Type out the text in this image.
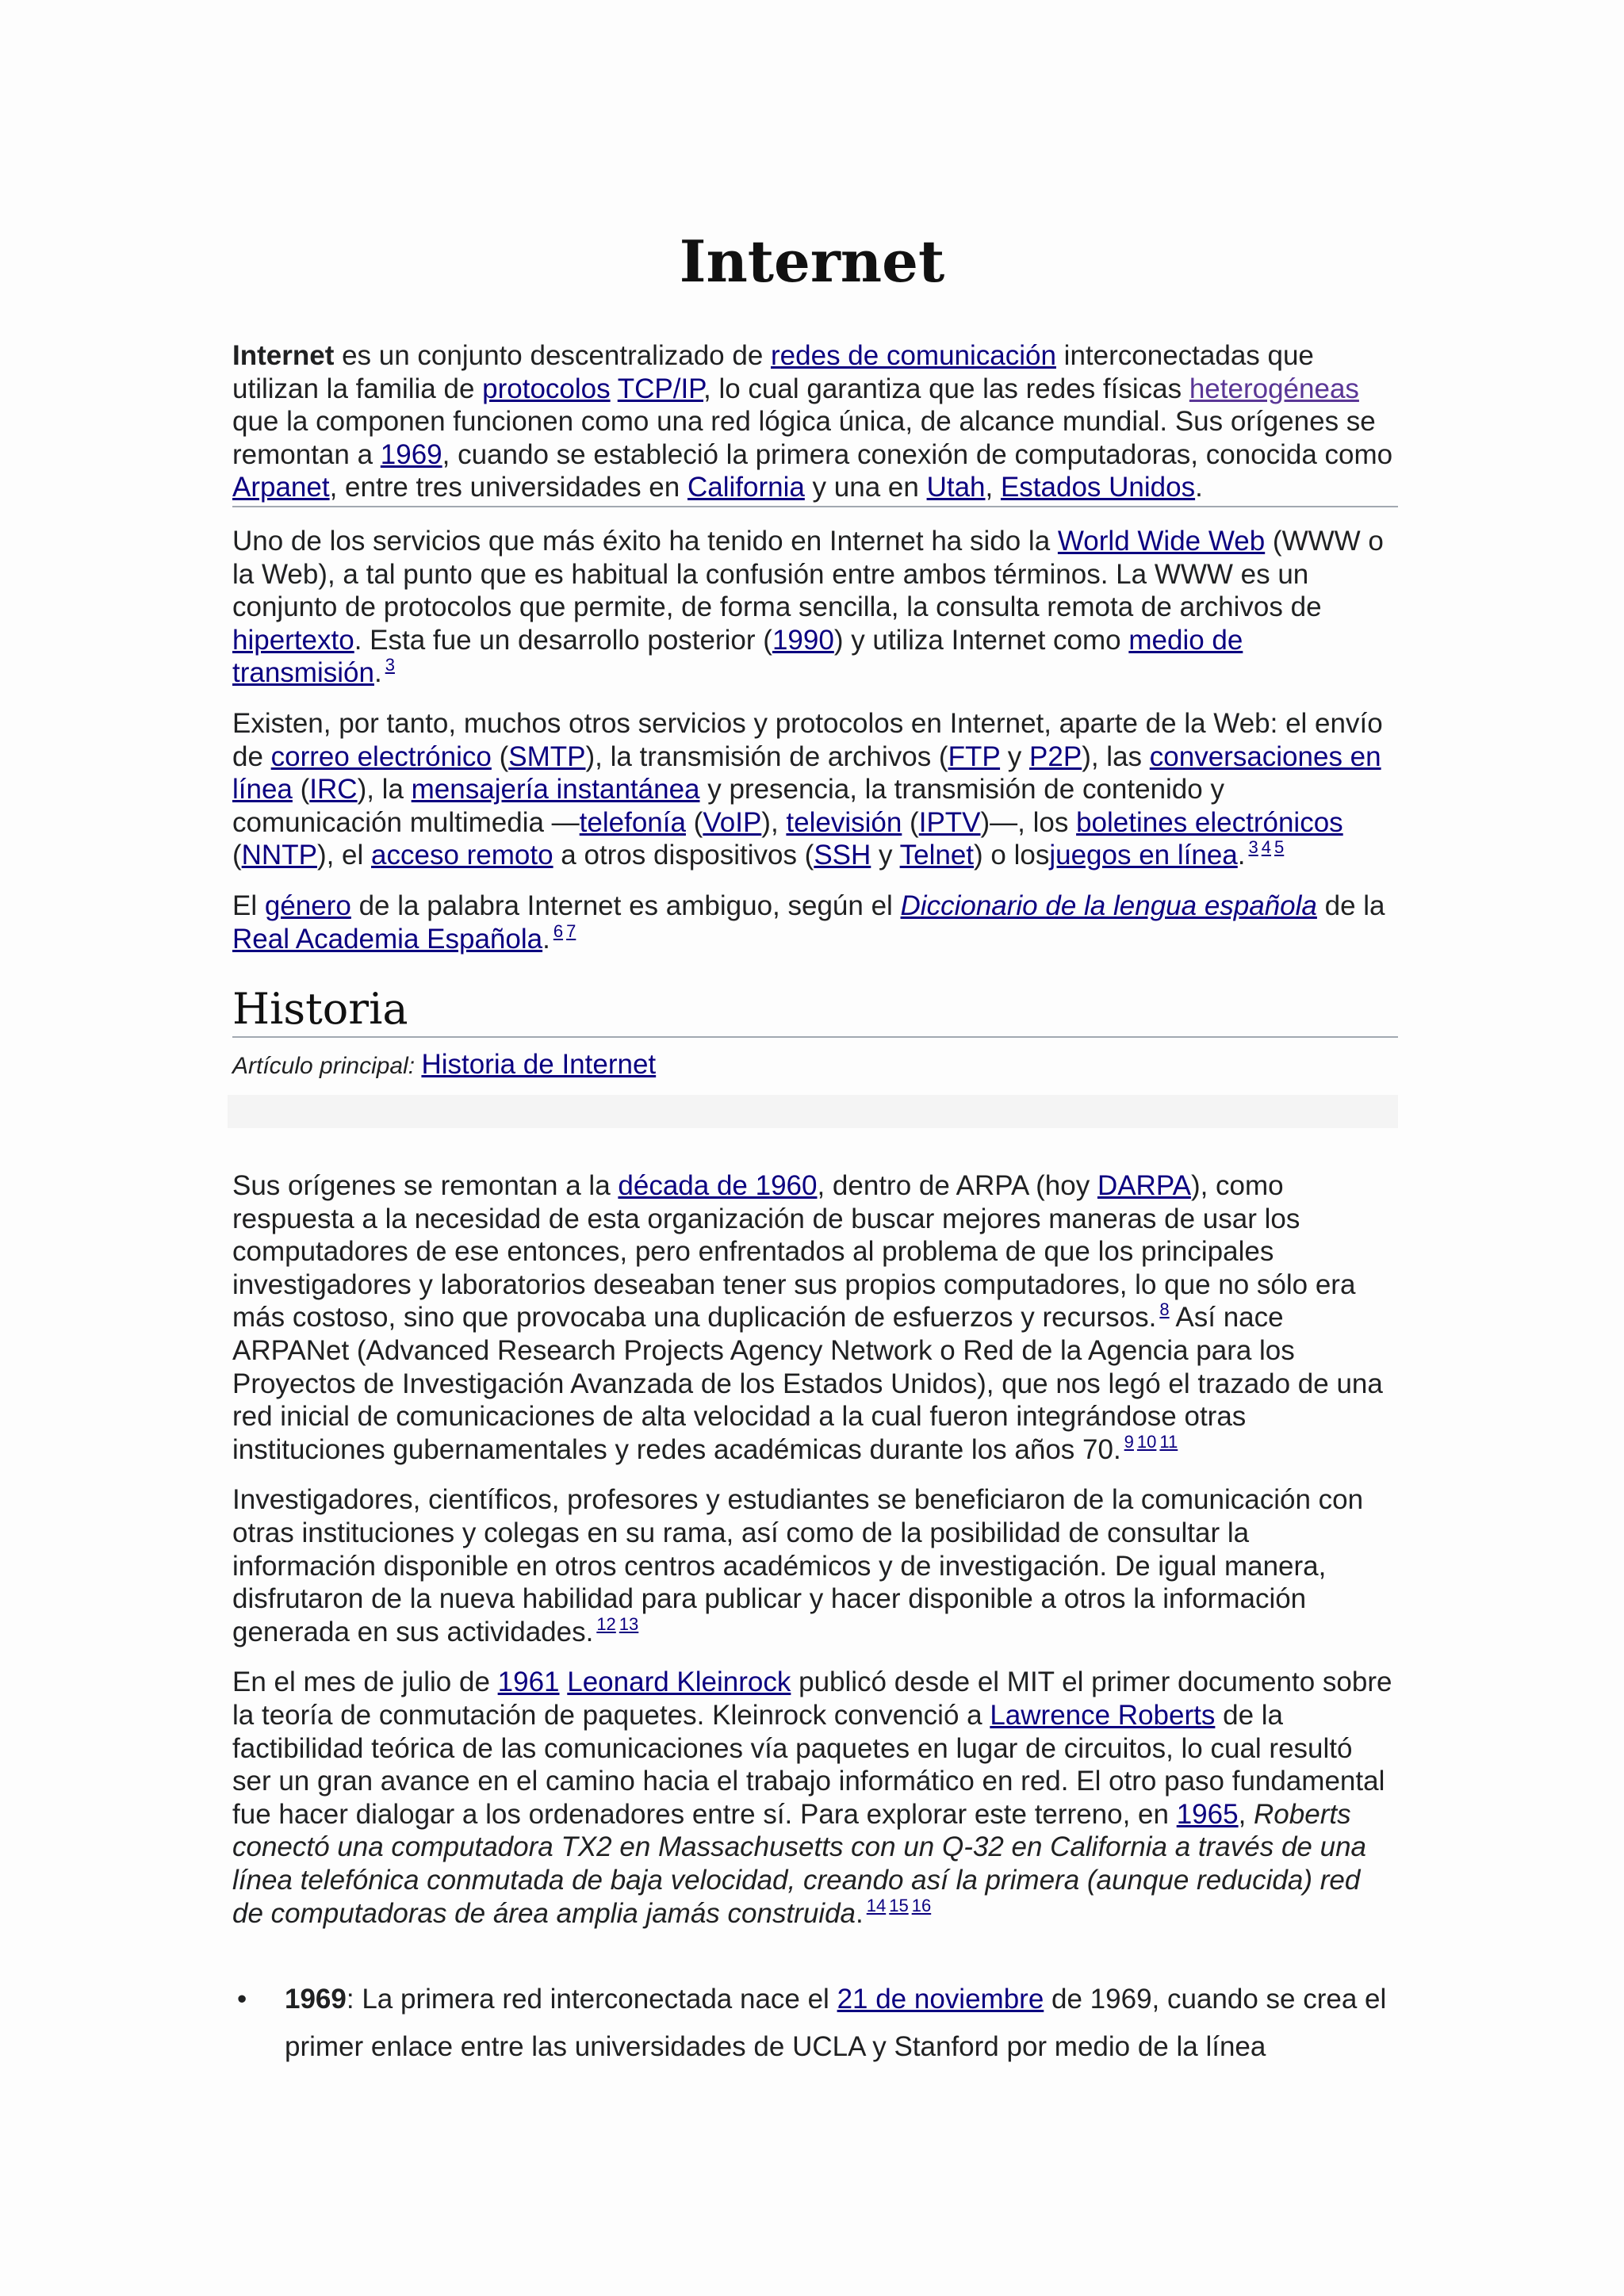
Internet

Internet es un conjunto descentralizado de redes de comunicación interconectadas que utilizan la familia de protocolos TCP/IP, lo cual garantiza que las redes físicas heterogéneas que la componen funcionen como una red lógica única, de alcance mundial. Sus orígenes se remontan a 1969, cuando se estableció la primera conexión de computadoras, conocida como Arpanet, entre tres universidades en California y una en Utah, Estados Unidos.

Uno de los servicios que más éxito ha tenido en Internet ha sido la World Wide Web (WWW o la Web), a tal punto que es habitual la confusión entre ambos términos. La WWW es un conjunto de protocolos que permite, de forma sencilla, la consulta remota de archivos de hipertexto. Esta fue un desarrollo posterior (1990) y utiliza Internet como medio de transmisión. $^3$

Existen, por tanto, muchos otros servicios y protocolos en Internet, aparte de la Web: el envío de correo electrónico (SMTP), la transmisión de archivos (FTP y P2P), las conversaciones en línea (IRC), la mensajería instantánea y presencia, la transmisión de contenido y comunicación multimedia —telefonía (VoIP), televisión (IPTV)—, los boletines electrónicos (NNTP), el acceso remoto a otros dispositivos (SSH y Telnet) o losjuegos en línea. $^{3 4 5}$

El género de la palabra Internet es ambiguo, según el Diccionario de la lengua española de la Real Academia Española. $^{6 7}$

Historia
Artículo principal: Historia de Internet

Sus orígenes se remontan a la década de 1960, dentro de ARPA (hoy DARPA), como respuesta a la necesidad de esta organización de buscar mejores maneras de usar los computadores de ese entonces, pero enfrentados al problema de que los principales investigadores y laboratorios deseaban tener sus propios computadores, lo que no sólo era más costoso, sino que provocaba una duplicación de esfuerzos y recursos. $^8$ Así nace ARPANet (Advanced Research Projects Agency Network o Red de la Agencia para los Proyectos de Investigación Avanzada de los Estados Unidos), que nos legó el trazado de una red inicial de comunicaciones de alta velocidad a la cual fueron integrándose otras instituciones gubernamentales y redes académicas durante los años 70. $^{9 10 11}$

Investigadores, científicos, profesores y estudiantes se beneficiaron de la comunicación con otras instituciones y colegas en su rama, así como de la posibilidad de consultar la información disponible en otros centros académicos y de investigación. De igual manera, disfrutaron de la nueva habilidad para publicar y hacer disponible a otros la información generada en sus actividades. $^{12 13}$

En el mes de julio de 1961 Leonard Kleinrock publicó desde el MIT el primer documento sobre la teoría de conmutación de paquetes. Kleinrock convenció a Lawrence Roberts de la factibilidad teórica de las comunicaciones vía paquetes en lugar de circuitos, lo cual resultó ser un gran avance en el camino hacia el trabajo informático en red. El otro paso fundamental fue hacer dialogar a los ordenadores entre sí. Para explorar este terreno, en 1965, Roberts conectó una computadora TX2 en Massachusetts con un Q-32 en California a través de una línea telefónica conmutada de baja velocidad, creando así la primera (aunque reducida) red de computadoras de área amplia jamás construida. $^{14 15 16}$

• 1969: La primera red interconectada nace el 21 de noviembre de 1969, cuando se crea el primer enlace entre las universidades de UCLA y Stanford por medio de la línea
